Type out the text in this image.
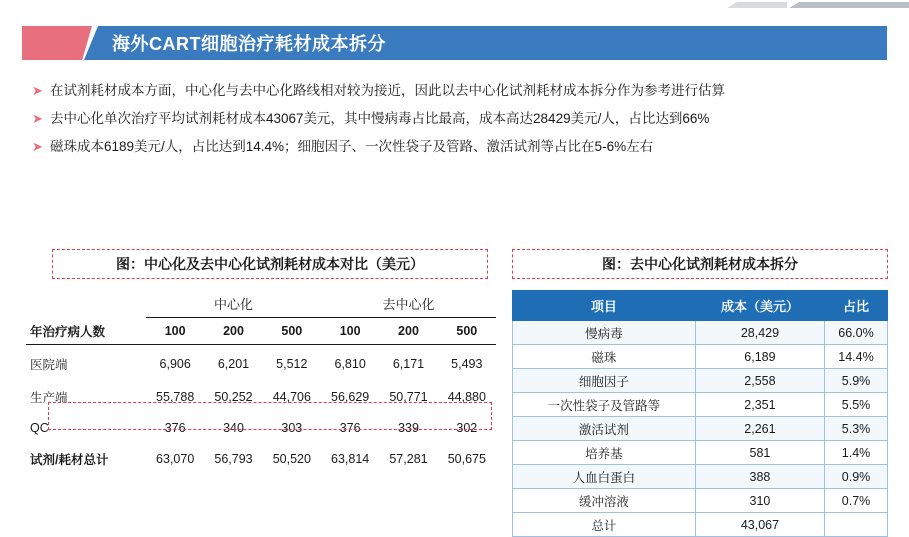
海外CART细胞治疗耗材成本拆分
➤ 在试剂耗材成本方面，中心化与去中心化路线相对较为接近，因此以去中心化试剂耗材成本拆分作为参考进行估算
➤ 去中心化单次治疗平均试剂耗材成本43067美元，其中慢病毒占比最高，成本高达28429美元/人，占比达到66%
➤ 磁珠成本6189美元/人，占比达到14.4%；细胞因子、一次性袋子及管路、激活试剂等占比在5-6%左右
图：中心化及去中心化试剂耗材成本对比（美元）	图：去中心化试剂耗材成本拆分
	中心化			去中心化		
年治疗病人数	100	200	500	100	200	500

医院端	6,906	6,201	5,512	6,810	6,171	5,493

生产端	55,788	50,252	44,706	56,629	50,771	44,880

QC	376	340	303	376	339	302

试剂/耗材总计	63,070	56,793	50,520	63,814	57,281	50,675
项目	成本（美元）	占比
慢病毒	28,429	66.0%
磁珠	6,189	14.4%
细胞因子	2,558	5.9%
一次性袋子及管路等	2,351	5.5%
激活试剂	2,261	5.3%
培养基	581	1.4%
人血白蛋白	388	0.9%
缓冲溶液	310	0.7%
总计	43,067	
